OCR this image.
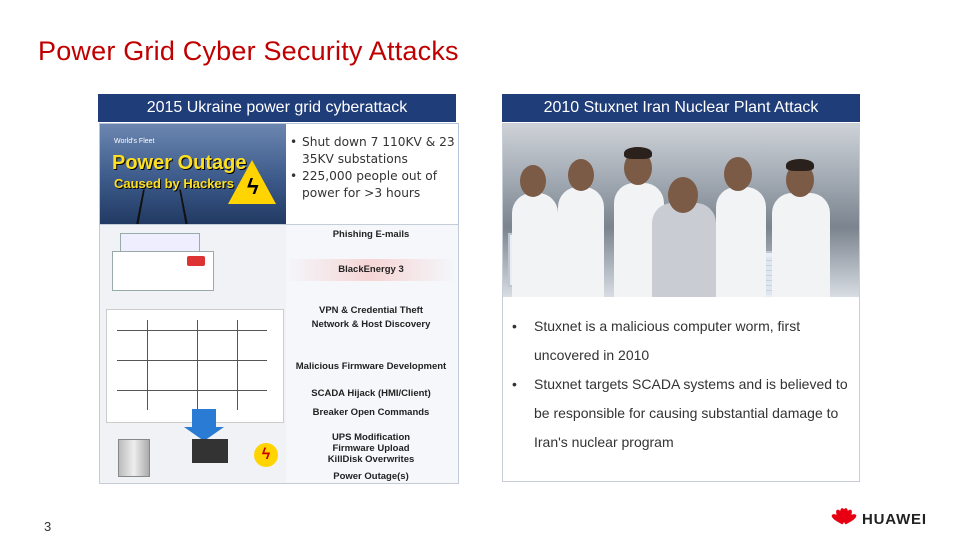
Power Grid Cyber Security Attacks
2015 Ukraine power grid cyberattack
World's Fleet
Power Outage
Caused by Hackers ϟ
• Shut down 7 110KV & 23 35KV substations
• 225,000 people out of power for >3 hours
ϟ
Phishing E-mails
BlackEnergy 3
VPN & Credential Theft
Network & Host Discovery
Malicious Firmware Development
SCADA Hijack (HMI/Client)
Breaker Open Commands
UPS Modification
Firmware Upload
KillDisk Overwrites
Power Outage(s)
2010 Stuxnet Iran Nuclear Plant Attack
• Stuxnet is a malicious computer worm, first uncovered in 2010
• Stuxnet targets SCADA systems and is believed to be responsible for causing substantial damage to Iran's nuclear program
3	HUAWEI
